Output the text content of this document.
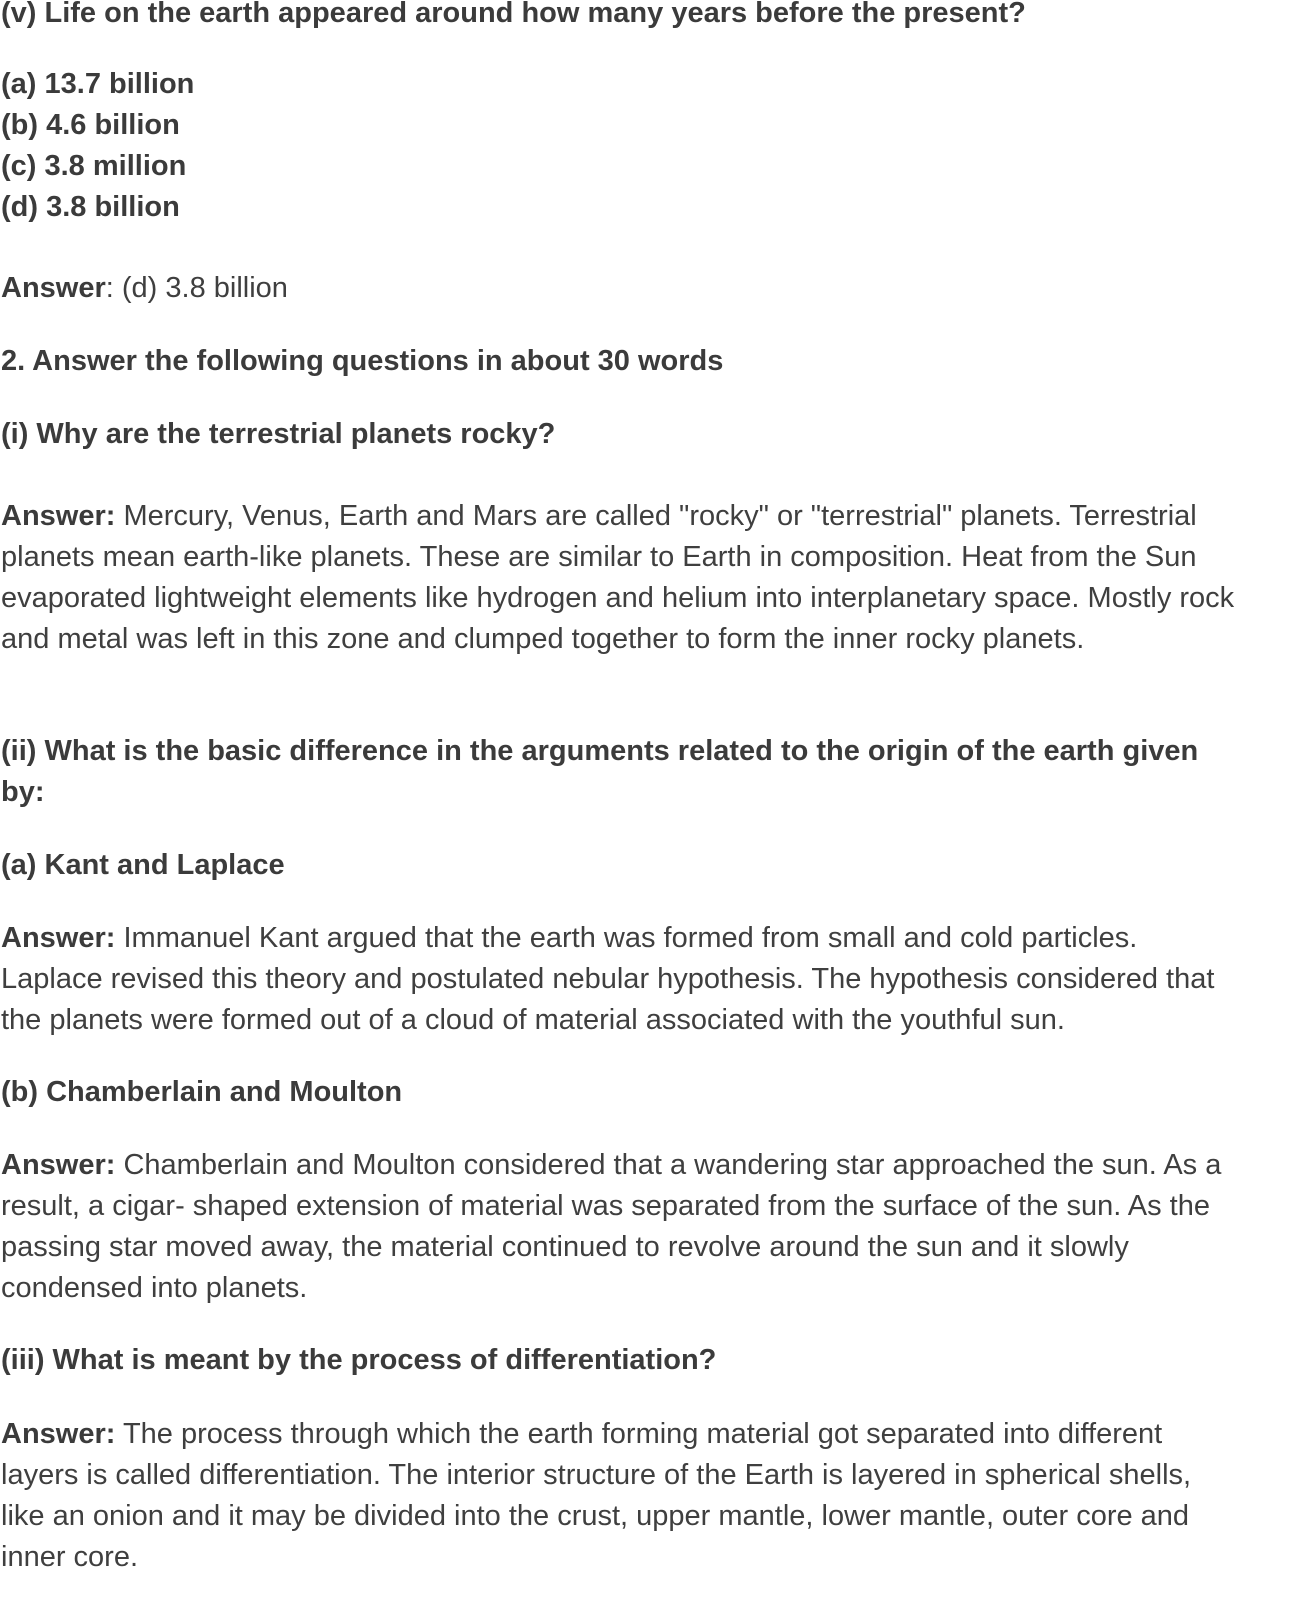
(v) Life on the earth appeared around how many years before the present?

(a) 13.7 billion
(b) 4.6 billion
(c) 3.8 million
(d) 3.8 billion

Answer: (d) 3.8 billion

2. Answer the following questions in about 30 words

(i) Why are the terrestrial planets rocky?

Answer: Mercury, Venus, Earth and Mars are called "rocky" or "terrestrial" planets. Terrestrial
planets mean earth-like planets. These are similar to Earth in composition. Heat from the Sun
evaporated lightweight elements like hydrogen and helium into interplanetary space. Mostly rock
and metal was left in this zone and clumped together to form the inner rocky planets.
(ii) What is the basic difference in the arguments related to the origin of the earth given
by:

(a) Kant and Laplace

Answer: Immanuel Kant argued that the earth was formed from small and cold particles.
Laplace revised this theory and postulated nebular hypothesis. The hypothesis considered that
the planets were formed out of a cloud of material associated with the youthful sun.

(b) Chamberlain and Moulton

Answer: Chamberlain and Moulton considered that a wandering star approached the sun. As a
result, a cigar- shaped extension of material was separated from the surface of the sun. As the
passing star moved away, the material continued to revolve around the sun and it slowly
condensed into planets.

(iii) What is meant by the process of differentiation?

Answer: The process through which the earth forming material got separated into different
layers is called differentiation. The interior structure of the Earth is layered in spherical shells,
like an onion and it may be divided into the crust, upper mantle, lower mantle, outer core and
inner core.
